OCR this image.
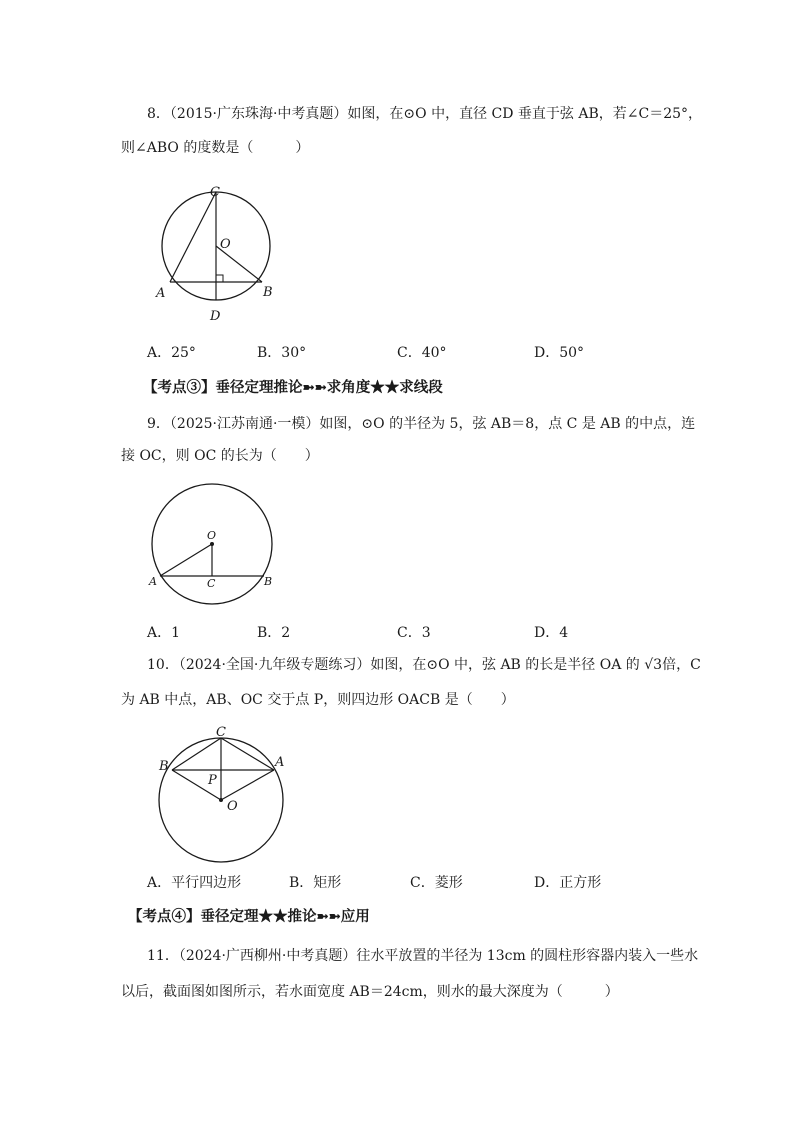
8．（2015·广东珠海·中考真题）如图，在⊙O 中，直径 CD 垂直于弦 AB，若∠C＝25°，
则∠ABO 的度数是（　　　）
C
O
A	B
D
A．25°	B．30°	C．40°	D．50°
【考点③】垂径定理推论➼➼求角度★★求线段
9．（2025·江苏南通·一模）如图，⊙O 的半径为 5，弦 AB＝8，点 C 是 AB 的中点，连
接 OC，则 OC 的长为（　　）
O
A	C	B
A．1	B．2	C．3	D．4
10．（2024·全国·九年级专题练习）如图，在⊙O 中，弦 AB 的长是半径 OA 的 √3倍，C
为 AB 中点，AB、OC 交于点 P，则四边形 OACB 是（　　）
C
B	A
P
O
A．平行四边形	B．矩形	C．菱形	D．正方形
【考点④】垂径定理★★推论➼➼应用
11．（2024·广西柳州·中考真题）往水平放置的半径为 13cm 的圆柱形容器内装入一些水
以后，截面图如图所示，若水面宽度 AB＝24cm，则水的最大深度为（　　　）
